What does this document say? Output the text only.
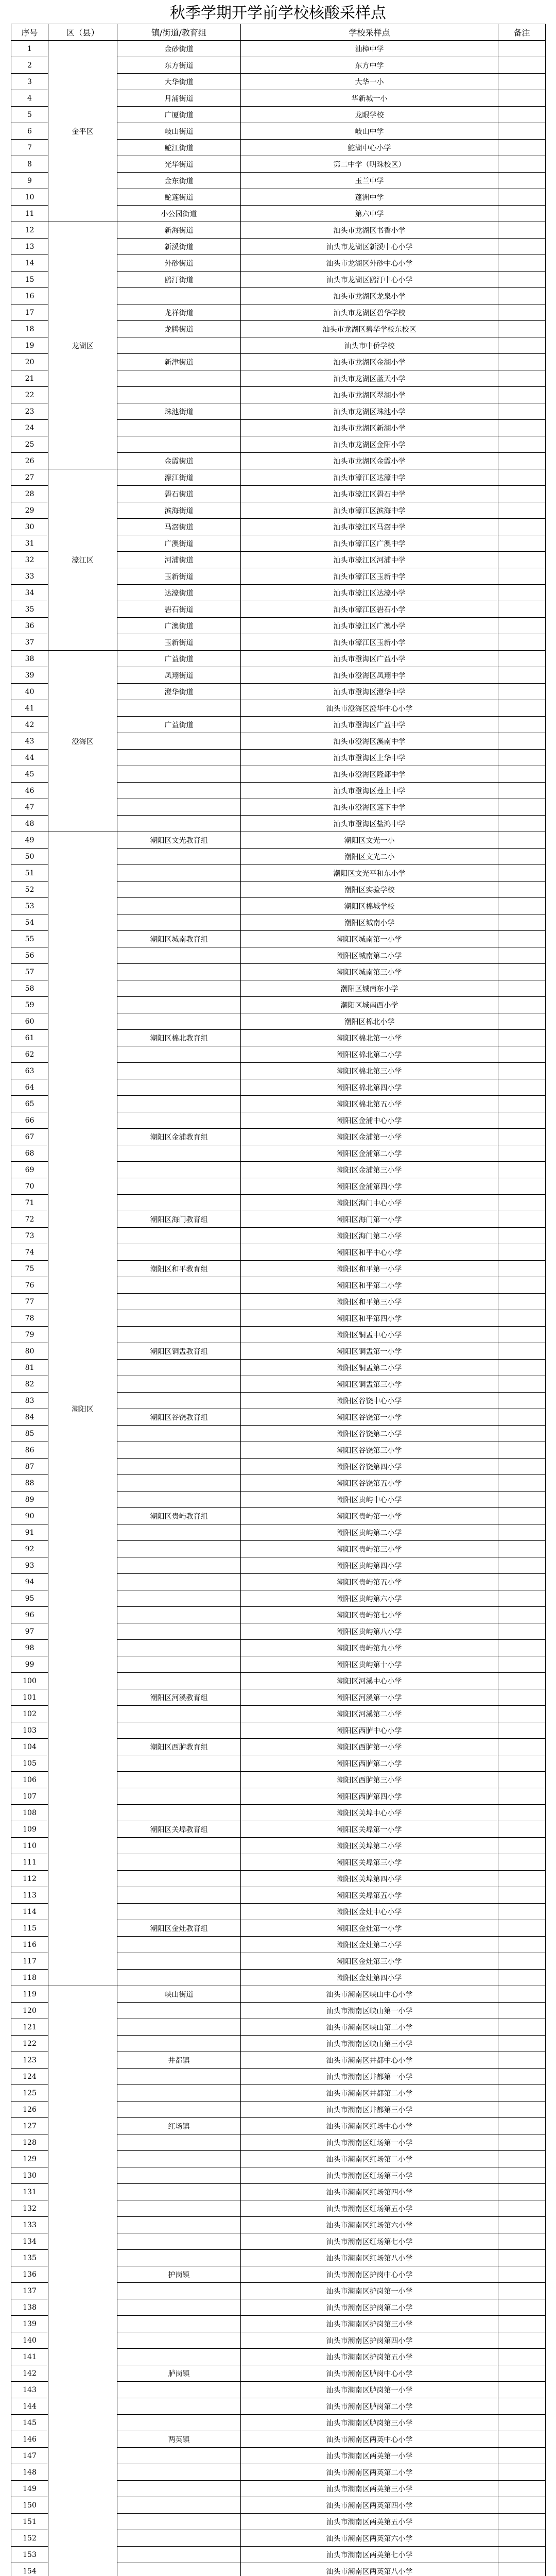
秋季学期开学前学校核酸采样点
序号	区（县）	镇/街道/教育组	学校采样点	备注
1	金平区	金砂街道	汕樟中学	
2		东方街道	东方中学	
3		大华街道	大华一小	
4		月浦街道	华新城一小	
5		广厦街道	龙眼学校	
6		岐山街道	岐山中学	
7		鮀江街道	鮀湖中心小学	
8		光华街道	第二中学（明珠校区）	
9		金东街道	玉兰中学	
10		鮀莲街道	蓬洲中学	
11		小公园街道	第六中学	
12	龙湖区	新海街道	汕头市龙湖区书香小学	
13		新溪街道	汕头市龙湖区新溪中心小学	
14		外砂街道	汕头市龙湖区外砂中心小学	
15		鸥汀街道	汕头市龙湖区鸥汀中心小学	
16			汕头市龙湖区龙泉小学	
17		龙祥街道	汕头市龙湖区碧华学校	
18		龙腾街道	汕头市龙湖区碧华学校东校区	
19			汕头市中侨学校	
20		新津街道	汕头市龙湖区金湖小学	
21			汕头市龙湖区蓝天小学	
22			汕头市龙湖区翠湖小学	
23		珠池街道	汕头市龙湖区珠池小学	
24			汕头市龙湖区新湖小学	
25			汕头市龙湖区金阳小学	
26		金霞街道	汕头市龙湖区金霞小学	
27	濠江区	濠江街道	汕头市濠江区达濠中学	
28		礐石街道	汕头市濠江区礐石中学	
29		滨海街道	汕头市濠江区滨海中学	
30		马滘街道	汕头市濠江区马滘中学	
31		广澳街道	汕头市濠江区广澳中学	
32		河浦街道	汕头市濠江区河浦中学	
33		玉新街道	汕头市濠江区玉新中学	
34		达濠街道	汕头市濠江区达濠小学	
35		礐石街道	汕头市濠江区礐石小学	
36		广澳街道	汕头市濠江区广澳小学	
37		玉新街道	汕头市濠江区玉新小学	
38	澄海区	广益街道	汕头市澄海区广益小学	
39		凤翔街道	汕头市澄海区凤翔中学	
40		澄华街道	汕头市澄海区澄华中学	
41			汕头市澄海区澄华中心小学	
42		广益街道	汕头市澄海区广益中学	
43			汕头市澄海区溪南中学	
44			汕头市澄海区上华中学	
45			汕头市澄海区隆都中学	
46			汕头市澄海区莲上中学	
47			汕头市澄海区莲下中学	
48			汕头市澄海区盐鸿中学	
49	潮阳区	潮阳区文光教育组	潮阳区文光一小	
50			潮阳区文光二小	
51			潮阳区文光平和东小学	
52			潮阳区实验学校	
53			潮阳区棉城学校	
54			潮阳区城南小学	
55		潮阳区城南教育组	潮阳区城南第一小学	
56			潮阳区城南第二小学	
57			潮阳区城南第三小学	
58			潮阳区城南东小学	
59			潮阳区城南西小学	
60			潮阳区棉北小学	
61		潮阳区棉北教育组	潮阳区棉北第一小学	
62			潮阳区棉北第二小学	
63			潮阳区棉北第三小学	
64			潮阳区棉北第四小学	
65			潮阳区棉北第五小学	
66			潮阳区金浦中心小学	
67		潮阳区金浦教育组	潮阳区金浦第一小学	
68			潮阳区金浦第二小学	
69			潮阳区金浦第三小学	
70			潮阳区金浦第四小学	
71			潮阳区海门中心小学	
72		潮阳区海门教育组	潮阳区海门第一小学	
73			潮阳区海门第二小学	
74			潮阳区和平中心小学	
75		潮阳区和平教育组	潮阳区和平第一小学	
76			潮阳区和平第二小学	
77			潮阳区和平第三小学	
78			潮阳区和平第四小学	
79			潮阳区铜盂中心小学	
80		潮阳区铜盂教育组	潮阳区铜盂第一小学	
81			潮阳区铜盂第二小学	
82			潮阳区铜盂第三小学	
83			潮阳区谷饶中心小学	
84		潮阳区谷饶教育组	潮阳区谷饶第一小学	
85			潮阳区谷饶第二小学	
86			潮阳区谷饶第三小学	
87			潮阳区谷饶第四小学	
88			潮阳区谷饶第五小学	
89			潮阳区贵屿中心小学	
90		潮阳区贵屿教育组	潮阳区贵屿第一小学	
91			潮阳区贵屿第二小学	
92			潮阳区贵屿第三小学	
93			潮阳区贵屿第四小学	
94			潮阳区贵屿第五小学	
95			潮阳区贵屿第六小学	
96			潮阳区贵屿第七小学	
97			潮阳区贵屿第八小学	
98			潮阳区贵屿第九小学	
99			潮阳区贵屿第十小学	
100			潮阳区河溪中心小学	
101		潮阳区河溪教育组	潮阳区河溪第一小学	
102			潮阳区河溪第二小学	
103			潮阳区西胪中心小学	
104		潮阳区西胪教育组	潮阳区西胪第一小学	
105			潮阳区西胪第二小学	
106			潮阳区西胪第三小学	
107			潮阳区西胪第四小学	
108			潮阳区关埠中心小学	
109		潮阳区关埠教育组	潮阳区关埠第一小学	
110			潮阳区关埠第二小学	
111			潮阳区关埠第三小学	
112			潮阳区关埠第四小学	
113			潮阳区关埠第五小学	
114			潮阳区金灶中心小学	
115		潮阳区金灶教育组	潮阳区金灶第一小学	
116			潮阳区金灶第二小学	
117			潮阳区金灶第三小学	
118			潮阳区金灶第四小学	
119		峡山街道	汕头市潮南区峡山中心小学	
120			汕头市潮南区峡山第一小学	
121			汕头市潮南区峡山第二小学	
122			汕头市潮南区峡山第三小学	
123		井都镇	汕头市潮南区井都中心小学	
124			汕头市潮南区井都第一小学	
125			汕头市潮南区井都第二小学	
126			汕头市潮南区井都第三小学	
127		红场镇	汕头市潮南区红场中心小学	
128			汕头市潮南区红场第一小学	
129			汕头市潮南区红场第二小学	
130			汕头市潮南区红场第三小学	
131			汕头市潮南区红场第四小学	
132			汕头市潮南区红场第五小学	
133			汕头市潮南区红场第六小学	
134			汕头市潮南区红场第七小学	
135			汕头市潮南区红场第八小学	
136		护岗镇	汕头市潮南区护岗中心小学	
137			汕头市潮南区护岗第一小学	
138			汕头市潮南区护岗第二小学	
139			汕头市潮南区护岗第三小学	
140			汕头市潮南区护岗第四小学	
141			汕头市潮南区护岗第五小学	
142		胪岗镇	汕头市潮南区胪岗中心小学	
143			汕头市潮南区胪岗第一小学	
144			汕头市潮南区胪岗第二小学	
145			汕头市潮南区胪岗第三小学	
146		两英镇	汕头市潮南区两英中心小学	
147			汕头市潮南区两英第一小学	
148			汕头市潮南区两英第二小学	
149			汕头市潮南区两英第三小学	
150			汕头市潮南区两英第四小学	
151			汕头市潮南区两英第五小学	
152			汕头市潮南区两英第六小学	
153			汕头市潮南区两英第七小学	
154			汕头市潮南区两英第八小学	
